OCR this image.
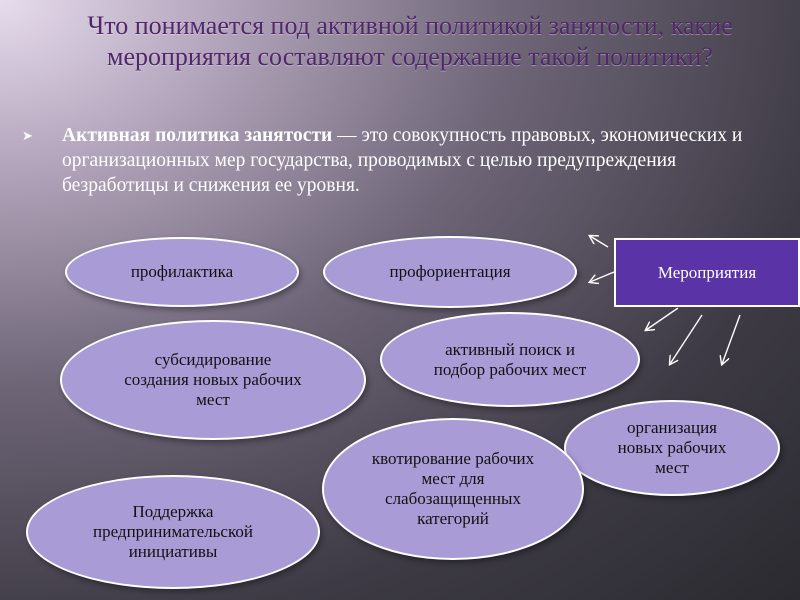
Что понимается под активной политикой занятости, какие мероприятия составляют содержание такой политики?
➤	Активная политика занятости — это совокупность правовых, экономических и организационных мер государства, проводимых с целью предупреждения безработицы и снижения ее уровня.
профилактика	профориентация
субсидирование создания новых рабочих мест
активный поиск и подбор рабочих мест
организация новых рабочих мест
квотирование рабочих мест для слабозащищенных категорий
Поддержка предпринимательской инициативы
Мероприятия
